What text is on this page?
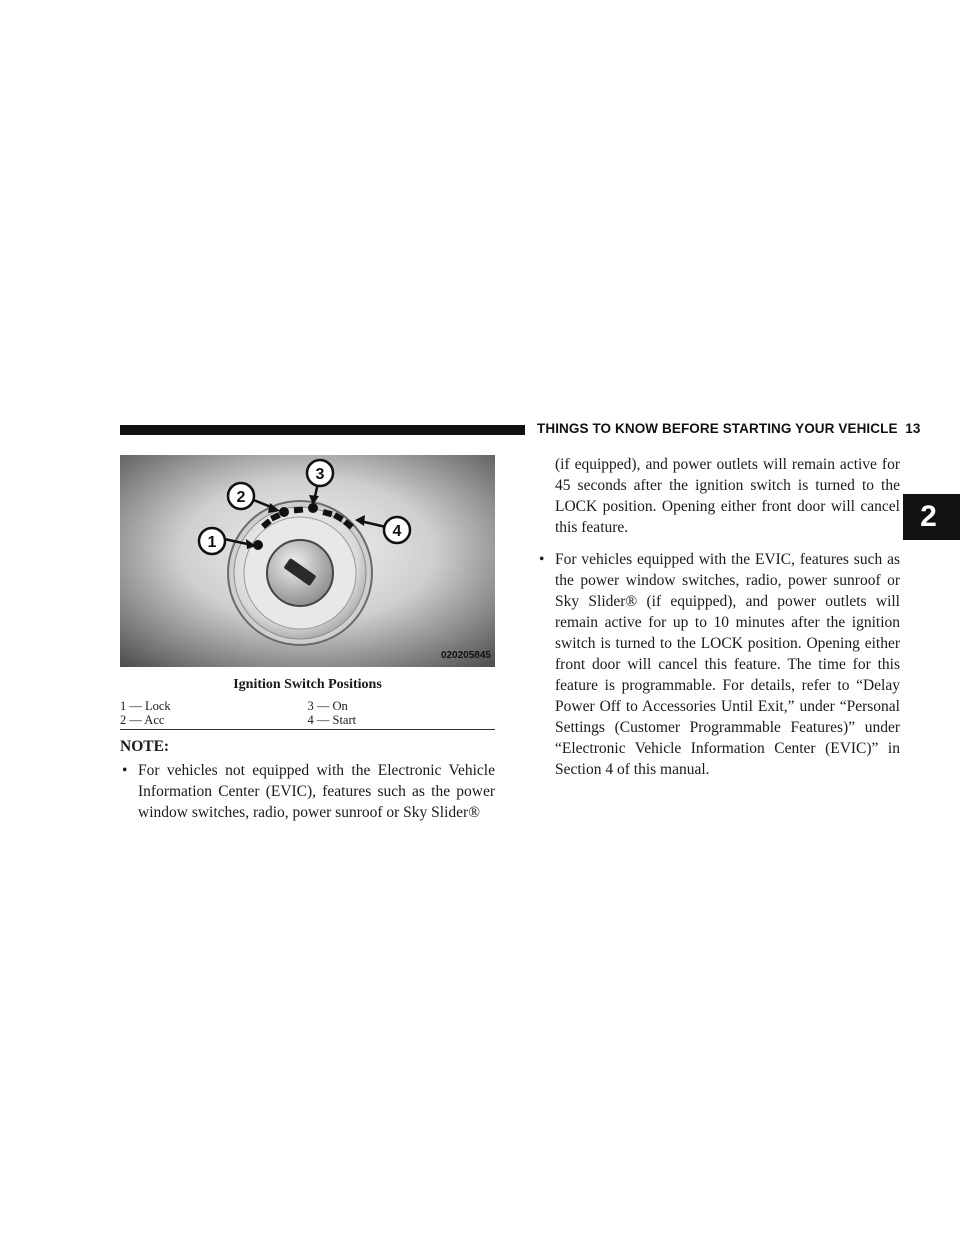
THINGS TO KNOW BEFORE STARTING YOUR VEHICLE 13
2
1
2
3
4
020205845
Ignition Switch Positions
1 — Lock	3 — On
2 — Acc	4 — Start
NOTE:
• For vehicles not equipped with the Electronic Vehicle Information Center (EVIC), features such as the power window switches, radio, power sunroof or Sky Slider®

(if equipped), and power outlets will remain active for 45 seconds after the ignition switch is turned to the LOCK position. Opening either front door will cancel this feature.

• For vehicles equipped with the EVIC, features such as the power window switches, radio, power sunroof or Sky Slider® (if equipped), and power outlets will remain active for up to 10 minutes after the ignition switch is turned to the LOCK position. Opening either front door will cancel this feature. The time for this feature is programmable. For details, refer to “Delay Power Off to Accessories Until Exit,” under “Personal Settings (Customer Programmable Features)” under “Electronic Vehicle Information Center (EVIC)” in Section 4 of this manual.
